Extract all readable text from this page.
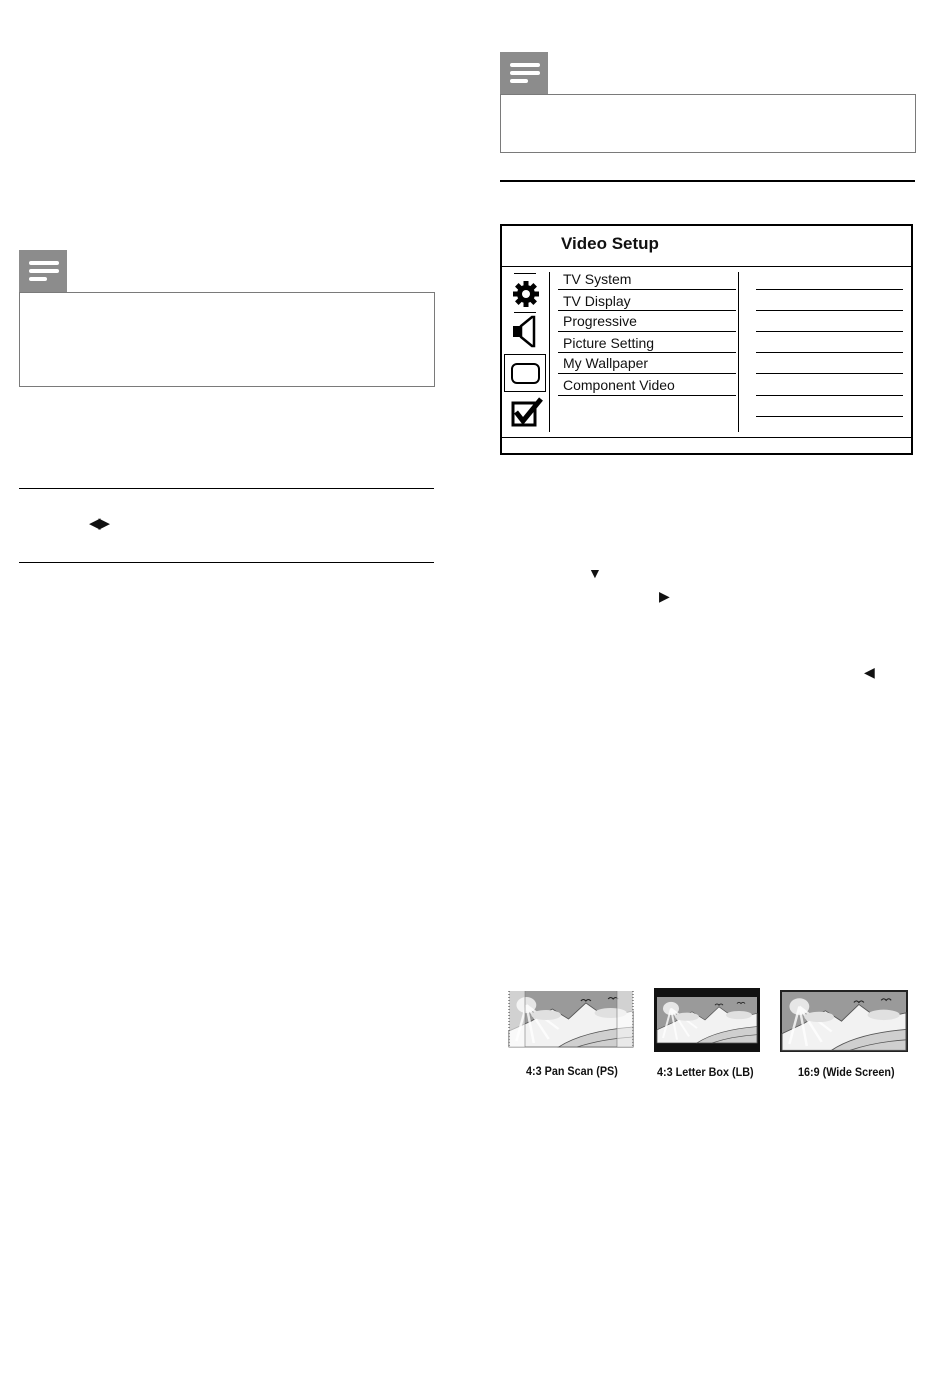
◀▶
Video Setup
TV System
TV Display
Progressive
Picture Setting
My Wallpaper
Component Video
▼
▶
◀
4:3 Pan Scan (PS)	4:3 Letter Box (LB)	16:9 (Wide Screen)
